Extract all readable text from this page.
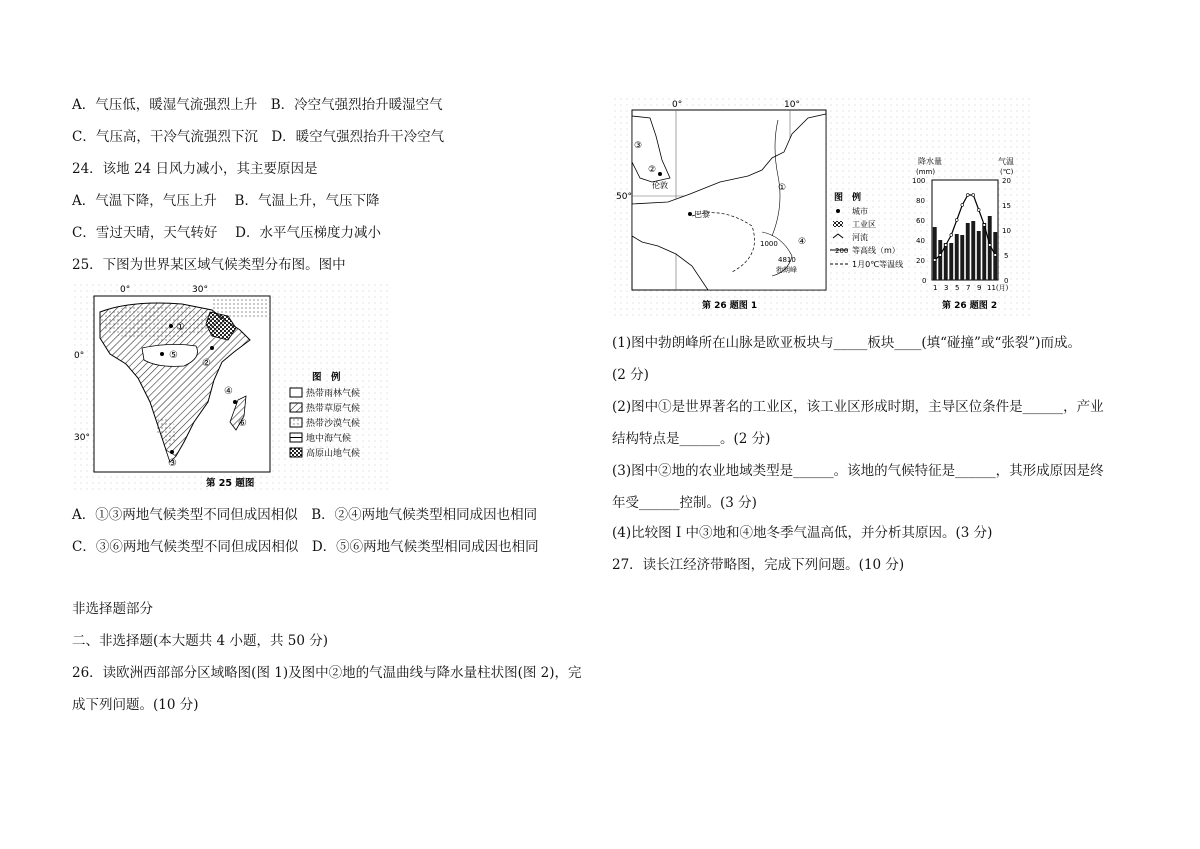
A．气压低，暖湿气流强烈上升　B．冷空气强烈抬升暖湿空气
C．气压高，干冷气流强烈下沉　D．暖空气强烈抬升干冷空气
24．该地 24 日风力减小，其主要原因是
A．气温下降，气压上升　 B．气温上升，气压下降
C．雪过天晴，天气转好　 D．水平气压梯度力减小
25．下图为世界某区域气候类型分布图。图中
0°	30°
0°
30°
①
②
⑤
④
⑥
③
图　例
热带雨林气候
热带草原气候
热带沙漠气候
地中海气候
高原山地气候
第 25 题图
A．①③两地气候类型不同但成因相似　B．②④两地气候类型相同成因也相同
C．③⑥两地气候类型不同但成因相似　D．⑤⑥两地气候类型相同成因也相同
非选择题部分
二、非选择题(本大题共 4 小题，共 50 分)
26．读欧洲西部部分区域略图(图 1)及图中②地的气温曲线与降水量柱状图(图 2)，完
成下列问题。(10 分)
0°	10°
50°
伦敦
巴黎
③
②
①
④
1000
4810
勃朗峰
图　例
城市
工业区
河流
200 等高线（m）
1月0℃等温线
第 26 题图 1
降水量
(mm)
气温
(℃)
100
80
60
40
20
0
20
15
10
5
0
1 3 5 7 9 11(月)
第 26 题图 2
(1)图中勃朗峰所在山脉是欧亚板块与_____板块____(填“碰撞”或“张裂”)而成。
(2 分)
(2)图中①是世界著名的工业区，该工业区形成时期，主导区位条件是______，产业
结构特点是______。(2 分)
(3)图中②地的农业地域类型是______。该地的气候特征是______，其形成原因是终
年受______控制。(3 分)
(4)比较图 I 中③地和④地冬季气温高低，并分析其原因。(3 分)
27．读长江经济带略图，完成下列问题。(10 分)
